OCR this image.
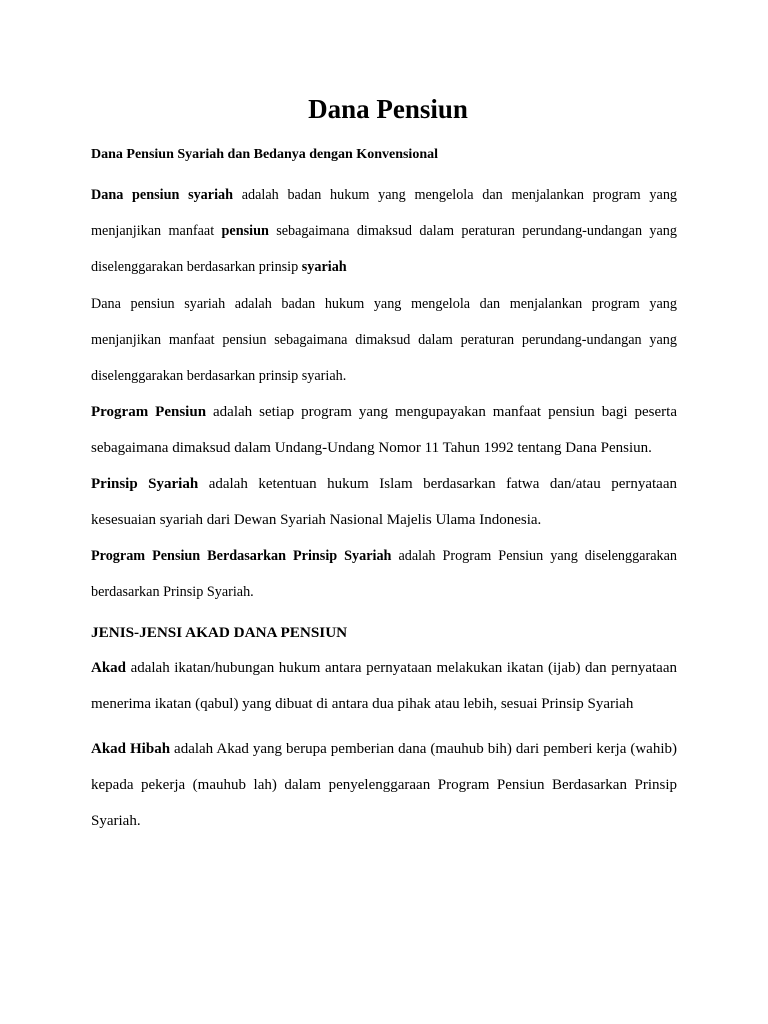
Dana Pensiun
Dana Pensiun Syariah dan Bedanya dengan Konvensional

Dana pensiun syariah adalah badan hukum yang mengelola dan menjalankan program yang menjanjikan manfaat pensiun sebagaimana dimaksud dalam peraturan perundang-undangan yang diselenggarakan berdasarkan prinsip syariah

Dana pensiun syariah adalah badan hukum yang mengelola dan menjalankan program yang menjanjikan manfaat pensiun sebagaimana dimaksud dalam peraturan perundang-undangan yang diselenggarakan berdasarkan prinsip syariah.

Program Pensiun adalah setiap program yang mengupayakan manfaat pensiun bagi peserta sebagaimana dimaksud dalam Undang-Undang Nomor 11 Tahun 1992 tentang Dana Pensiun.

Prinsip Syariah adalah ketentuan hukum Islam berdasarkan fatwa dan/atau pernyataan kesesuaian syariah dari Dewan Syariah Nasional Majelis Ulama Indonesia.

Program Pensiun Berdasarkan Prinsip Syariah adalah Program Pensiun yang diselenggarakan berdasarkan Prinsip Syariah.

JENIS-JENSI AKAD DANA PENSIUN

Akad adalah ikatan/hubungan hukum antara pernyataan melakukan ikatan (ijab) dan pernyataan menerima ikatan (qabul) yang dibuat di antara dua pihak atau lebih, sesuai Prinsip Syariah

Akad Hibah adalah Akad yang berupa pemberian dana (mauhub bih) dari pemberi kerja (wahib) kepada pekerja (mauhub lah) dalam penyelenggaraan Program Pensiun Berdasarkan Prinsip Syariah.
